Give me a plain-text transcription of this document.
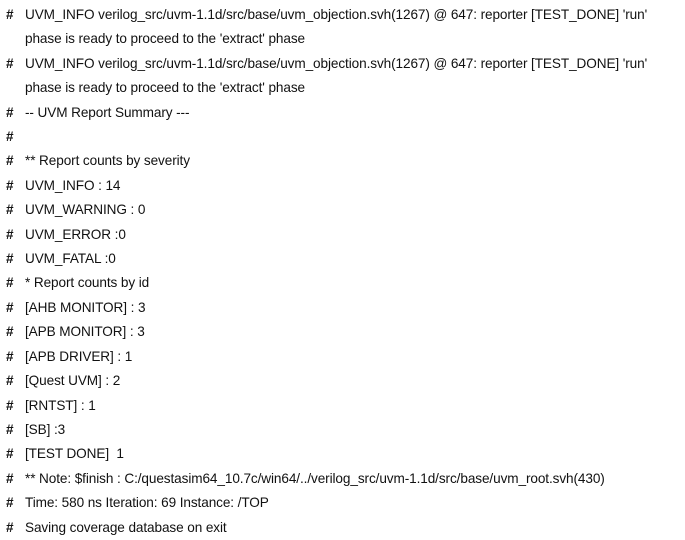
# UVM_INFO verilog_src/uvm-1.1d/src/base/uvm_objection.svh(1267) @ 647: reporter [TEST_DONE] 'run' phase is ready to proceed to the 'extract' phase
# UVM_INFO verilog_src/uvm-1.1d/src/base/uvm_objection.svh(1267) @ 647: reporter [TEST_DONE] 'run' phase is ready to proceed to the 'extract' phase
# -- UVM Report Summary ---
#
# ** Report counts by severity
# UVM_INFO : 14
# UVM_WARNING : 0
# UVM_ERROR :0
# UVM_FATAL :0
# * Report counts by id
# [AHB MONITOR] : 3
# [APB MONITOR] : 3
# [APB DRIVER] : 1
# [Quest UVM] : 2
# [RNTST] : 1
# [SB] :3
# [TEST DONE]  1
# ** Note: $finish : C:/questasim64_10.7c/win64/../verilog_src/uvm-1.1d/src/base/uvm_root.svh(430)
# Time: 580 ns Iteration: 69 Instance: /TOP
# Saving coverage database on exit
